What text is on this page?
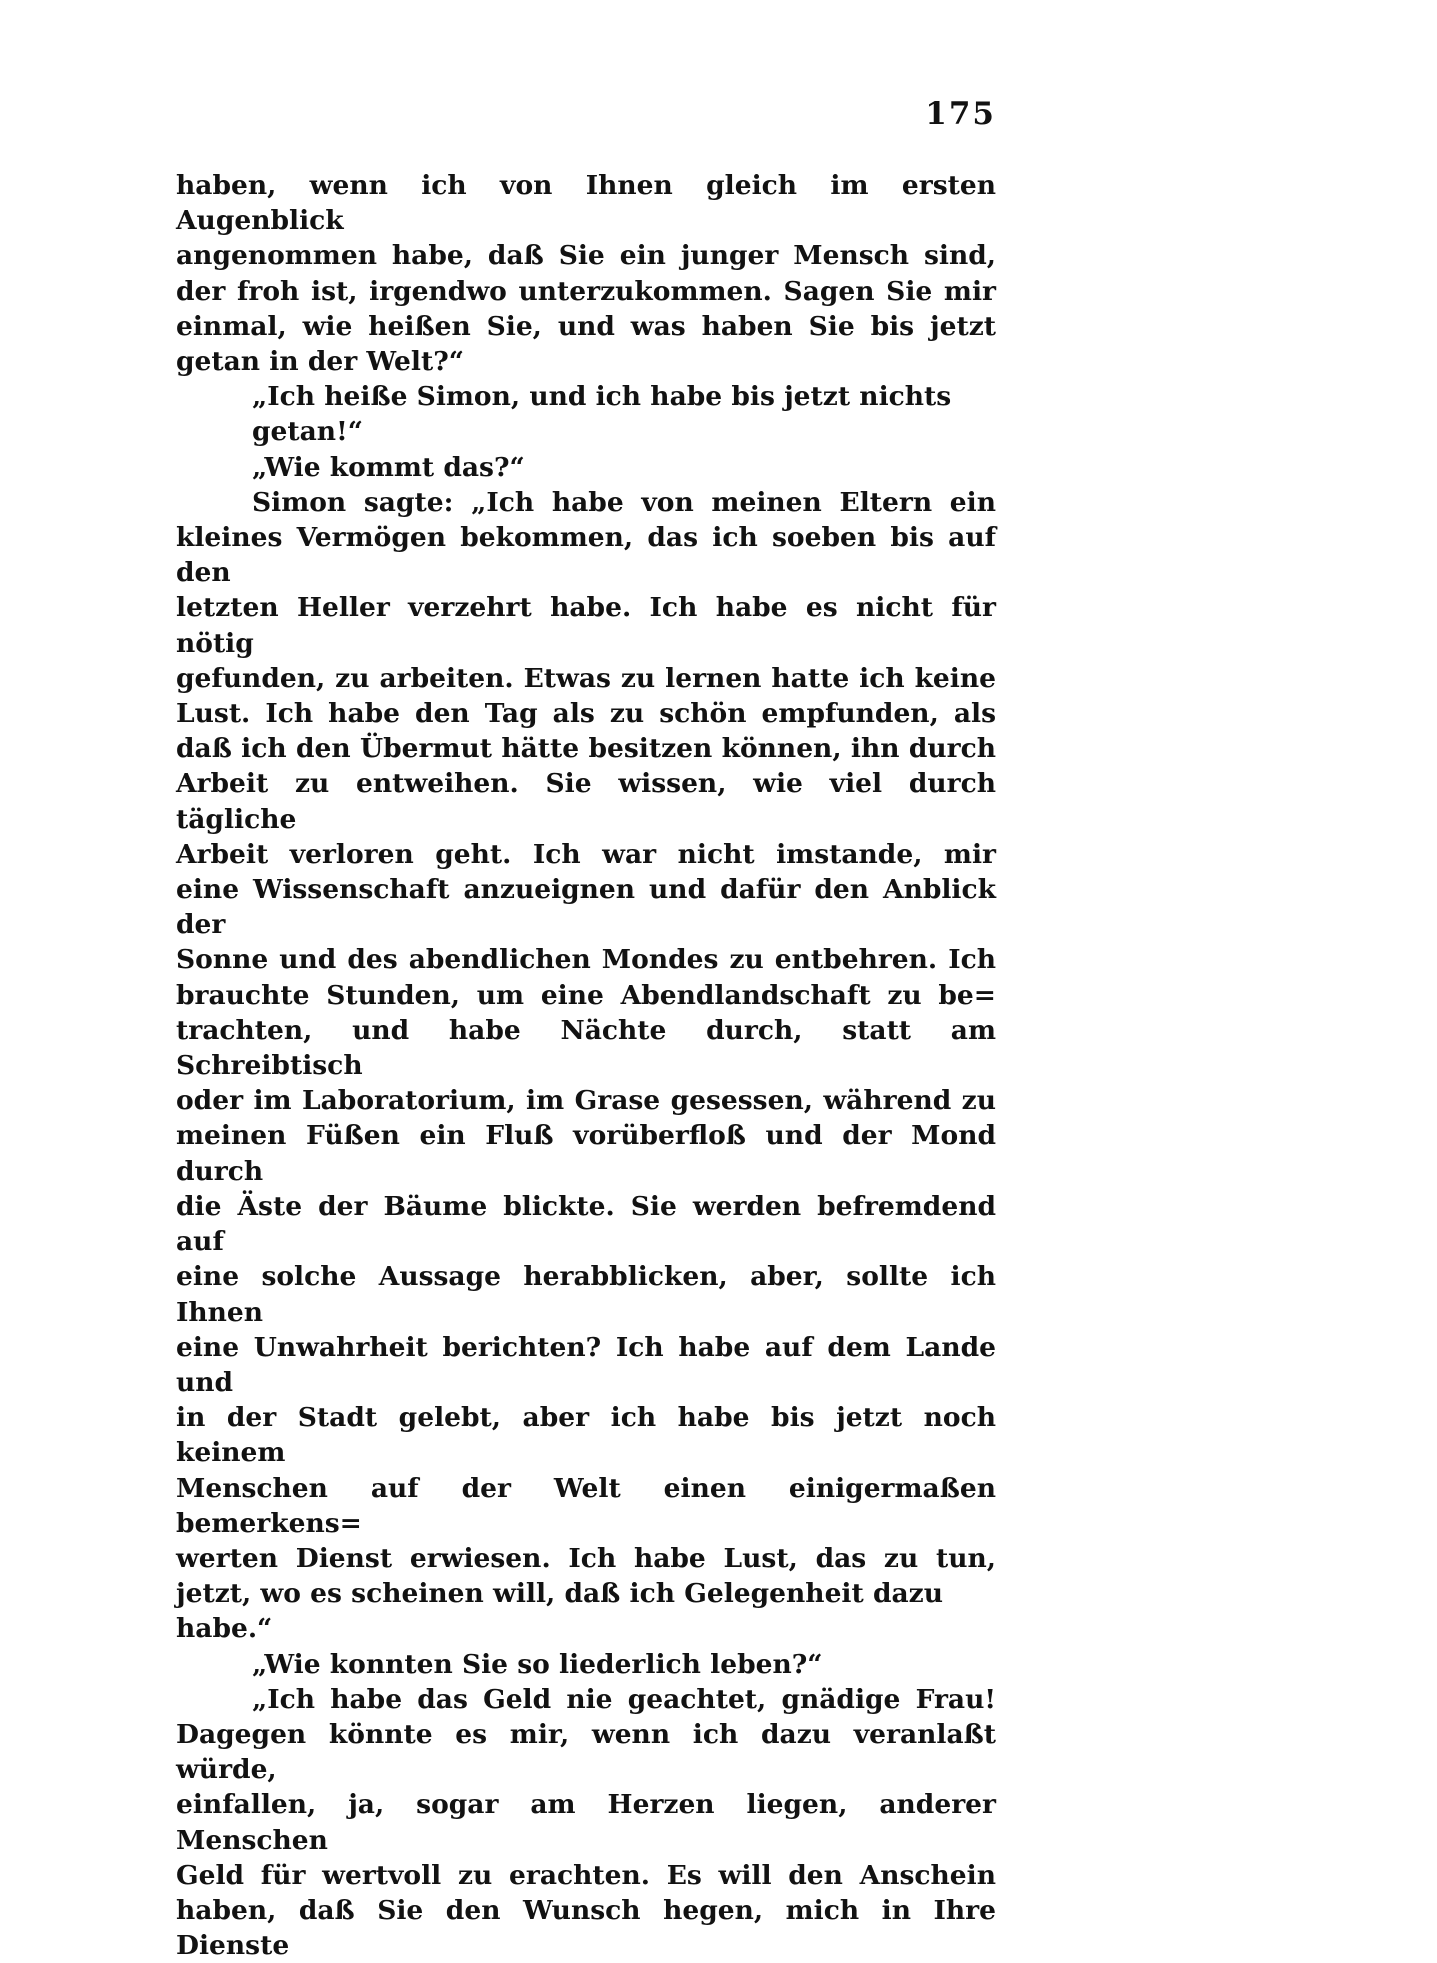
175
haben, wenn ich von Ihnen gleich im ersten Augenblick
angenommen habe, daß Sie ein junger Mensch sind,
der froh ist, irgendwo unterzukommen. Sagen Sie mir
einmal, wie heißen Sie, und was haben Sie bis jetzt
getan in der Welt?“
„Ich heiße Simon, und ich habe bis jetzt nichts getan!“
„Wie kommt das?“
Simon sagte: „Ich habe von meinen Eltern ein
kleines Vermögen bekommen, das ich soeben bis auf den
letzten Heller verzehrt habe. Ich habe es nicht für nötig
gefunden, zu arbeiten. Etwas zu lernen hatte ich keine
Lust. Ich habe den Tag als zu schön empfunden, als
daß ich den Übermut hätte besitzen können, ihn durch
Arbeit zu entweihen. Sie wissen, wie viel durch tägliche
Arbeit verloren geht. Ich war nicht imstande, mir
eine Wissenschaft anzueignen und dafür den Anblick der
Sonne und des abendlichen Mondes zu entbehren. Ich
brauchte Stunden, um eine Abendlandschaft zu be=
trachten, und habe Nächte durch, statt am Schreibtisch
oder im Laboratorium, im Grase gesessen, während zu
meinen Füßen ein Fluß vorüberfloß und der Mond durch
die Äste der Bäume blickte. Sie werden befremdend auf
eine solche Aussage herabblicken, aber, sollte ich Ihnen
eine Unwahrheit berichten? Ich habe auf dem Lande und
in der Stadt gelebt, aber ich habe bis jetzt noch keinem
Menschen auf der Welt einen einigermaßen bemerkens=
werten Dienst erwiesen. Ich habe Lust, das zu tun,
jetzt, wo es scheinen will, daß ich Gelegenheit dazu habe.“
„Wie konnten Sie so liederlich leben?“
„Ich habe das Geld nie geachtet, gnädige Frau!
Dagegen könnte es mir, wenn ich dazu veranlaßt würde,
einfallen, ja, sogar am Herzen liegen, anderer Menschen
Geld für wertvoll zu erachten. Es will den Anschein
haben, daß Sie den Wunsch hegen, mich in Ihre Dienste
